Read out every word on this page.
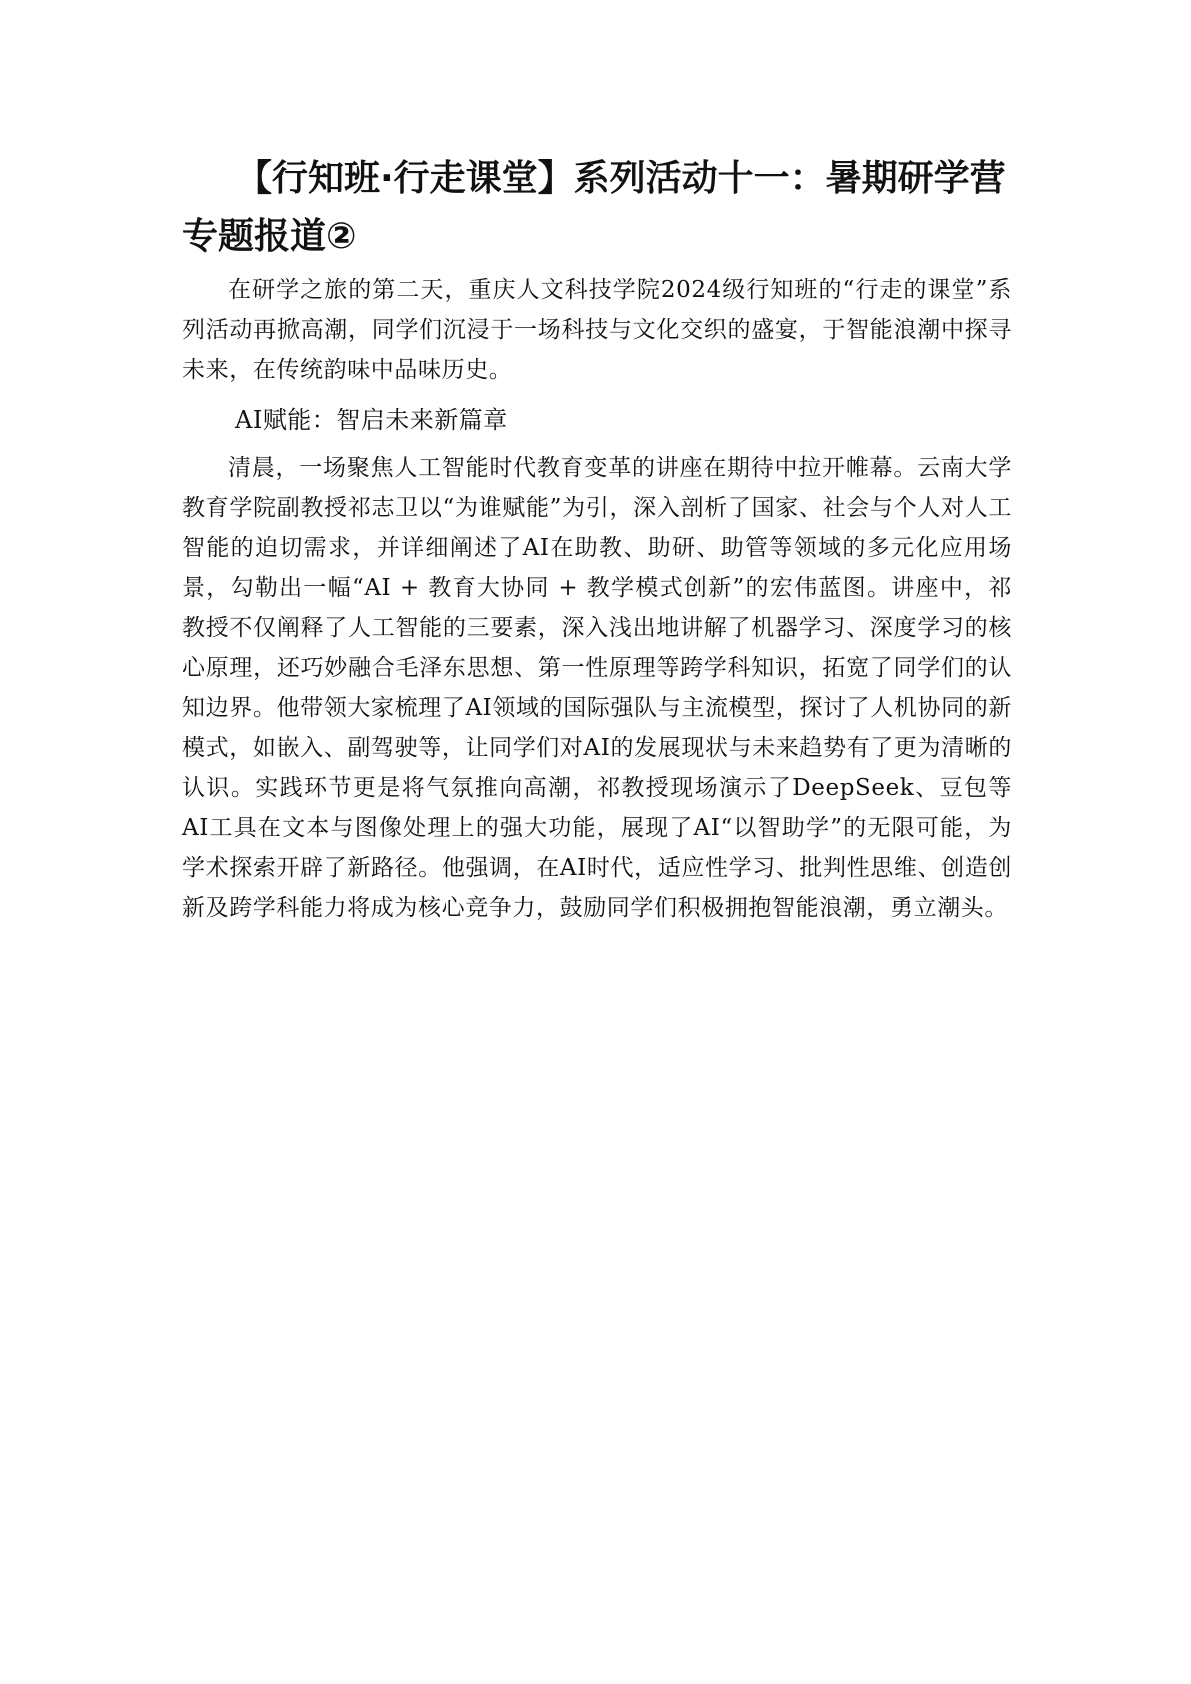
【行知班·行走课堂】系列活动十一：暑期研学营专题报道②

在研学之旅的第二天，重庆人文科技学院2024级行知班的“行走的课堂”系列活动再掀高潮，同学们沉浸于一场科技与文化交织的盛宴，于智能浪潮中探寻未来，在传统韵味中品味历史。

AI赋能：智启未来新篇章

清晨，一场聚焦人工智能时代教育变革的讲座在期待中拉开帷幕。云南大学教育学院副教授祁志卫以“为谁赋能”为引，深入剖析了国家、社会与个人对人工智能的迫切需求，并详细阐述了AI在助教、助研、助管等领域的多元化应用场景，勾勒出一幅“AI + 教育大协同 + 教学模式创新”的宏伟蓝图。讲座中，祁教授不仅阐释了人工智能的三要素，深入浅出地讲解了机器学习、深度学习的核心原理，还巧妙融合毛泽东思想、第一性原理等跨学科知识，拓宽了同学们的认知边界。他带领大家梳理了AI领域的国际强队与主流模型，探讨了人机协同的新模式，如嵌入、副驾驶等，让同学们对AI的发展现状与未来趋势有了更为清晰的认识。实践环节更是将气氛推向高潮，祁教授现场演示了DeepSeek、豆包等AI工具在文本与图像处理上的强大功能，展现了AI“以智助学”的无限可能，为学术探索开辟了新路径。他强调，在AI时代，适应性学习、批判性思维、创造创新及跨学科能力将成为核心竞争力，鼓励同学们积极拥抱智能浪潮，勇立潮头。
